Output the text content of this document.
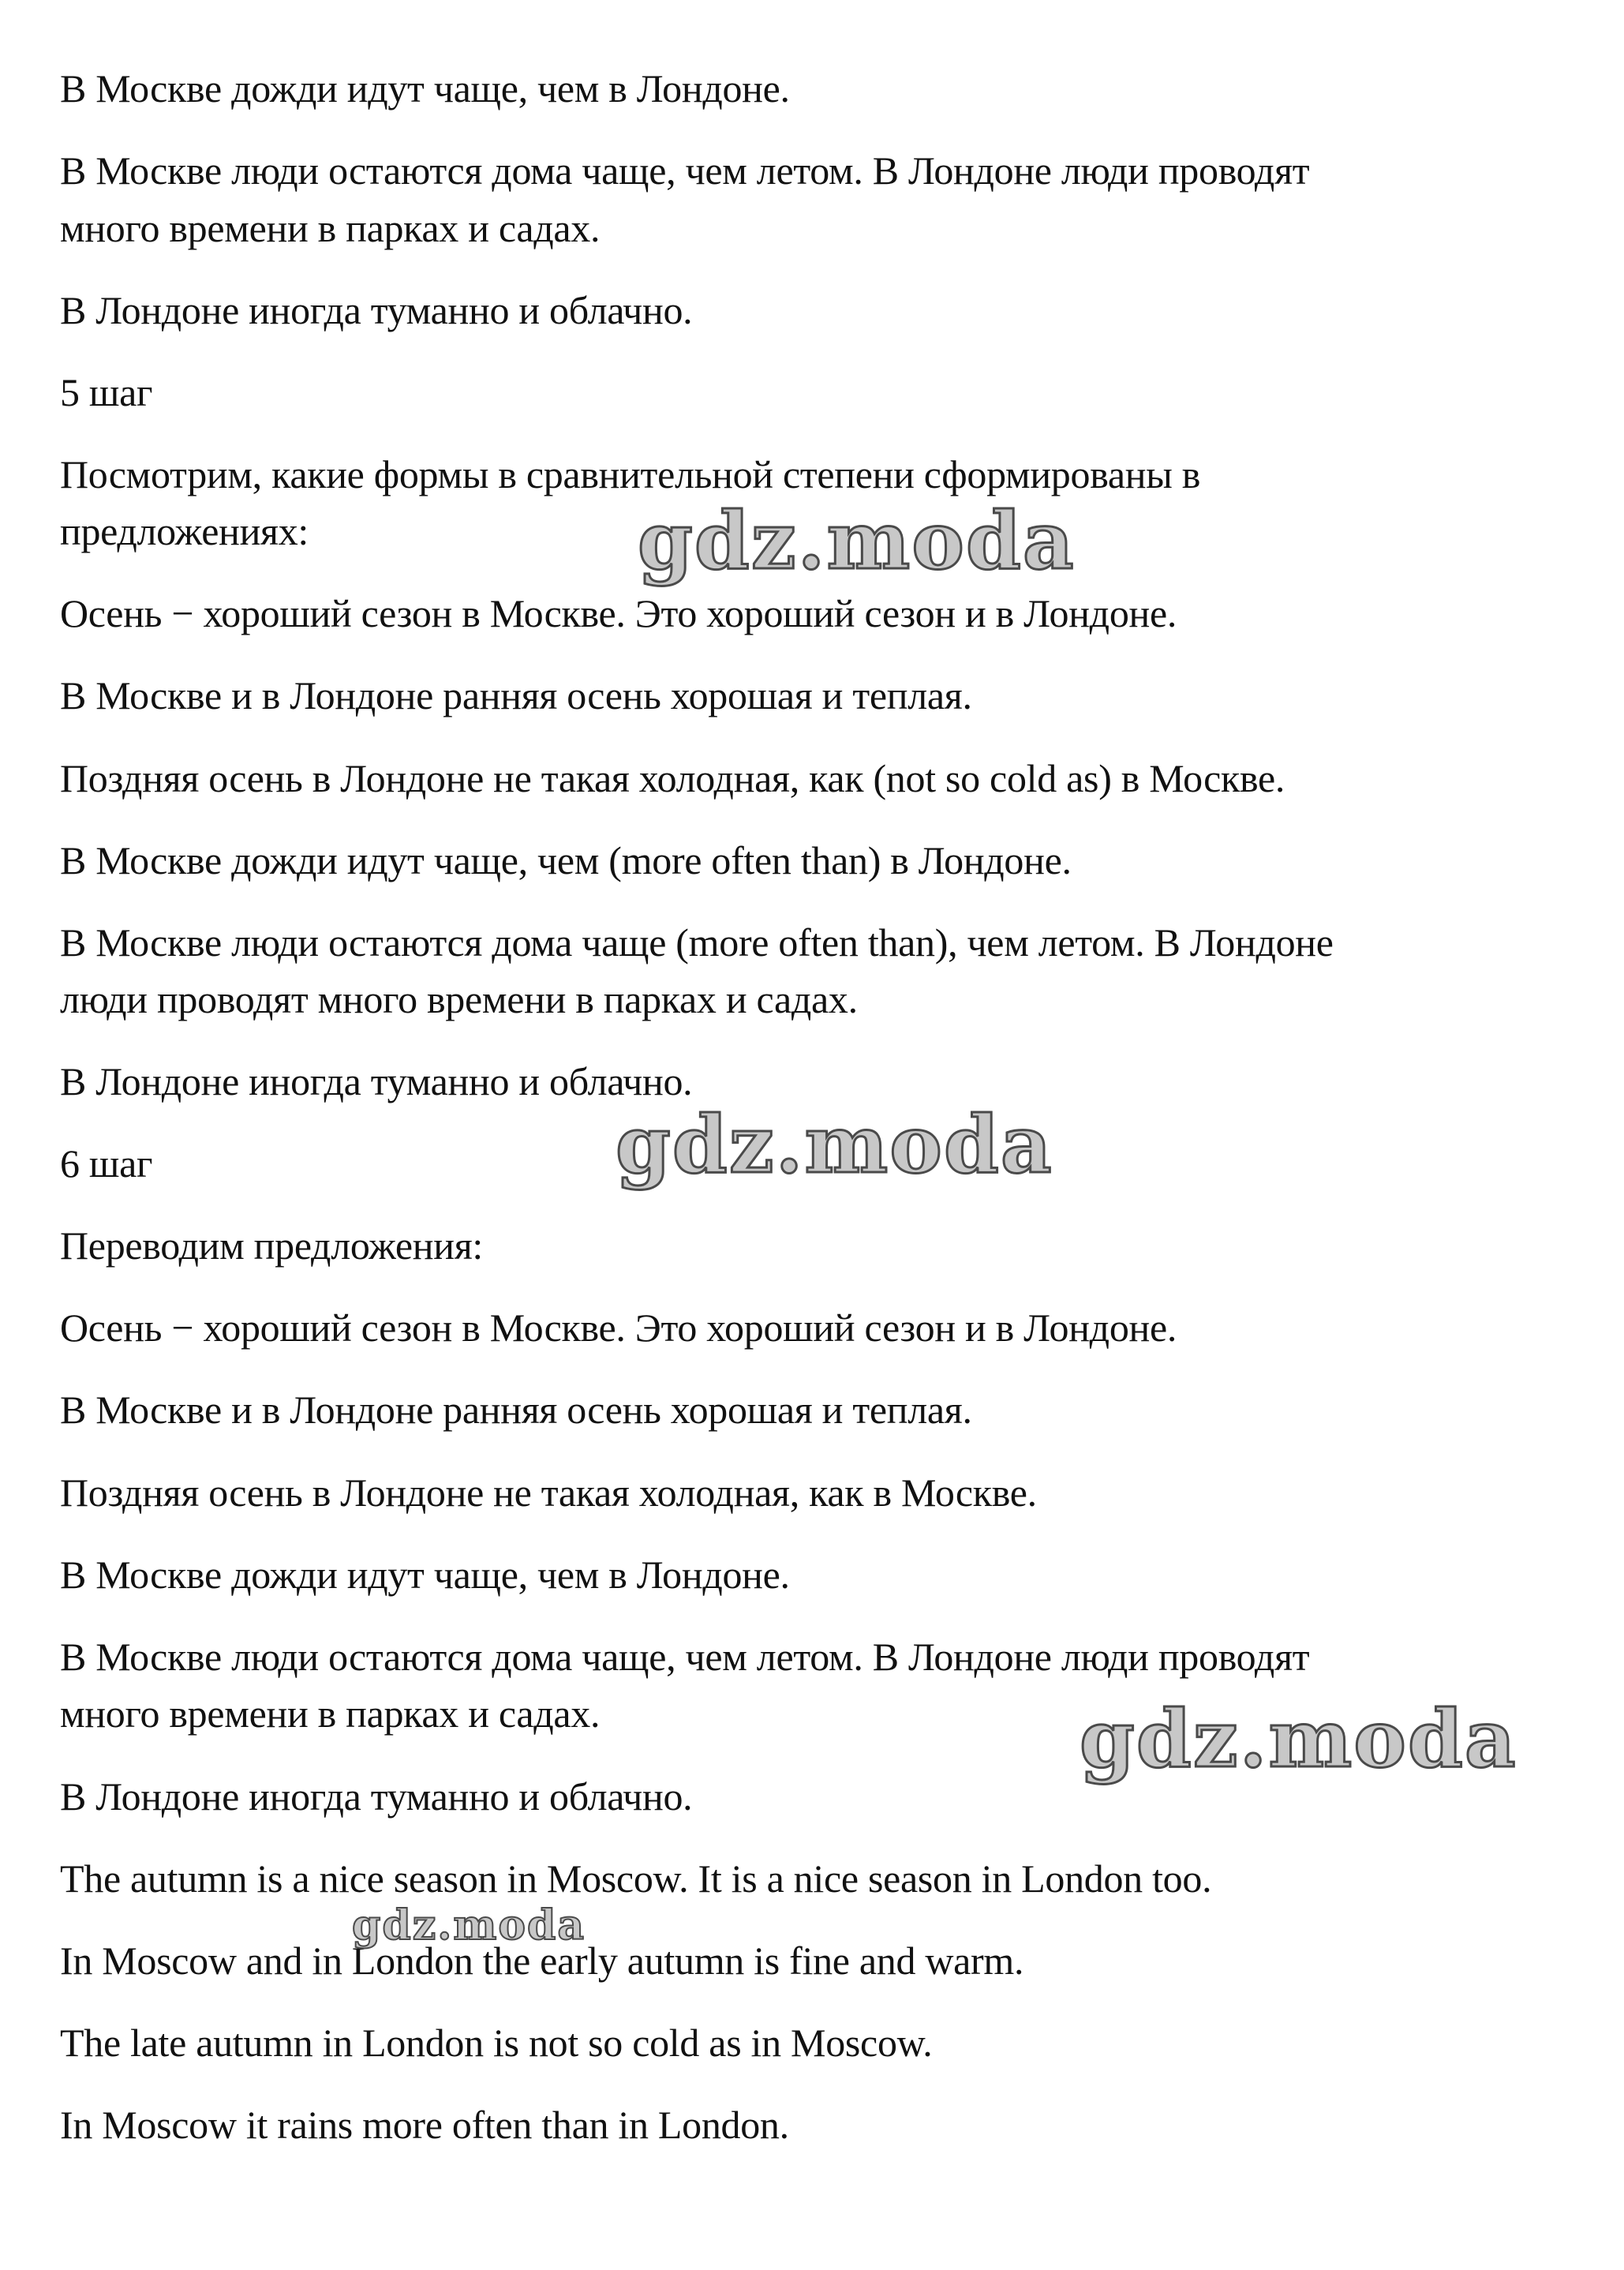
В Москве дожди идут чаще, чем в Лондоне.
В Москве люди остаются дома чаще, чем летом. В Лондоне люди проводят
много времени в парках и садах.
В Лондоне иногда туманно и облачно.
5 шаг
Посмотрим, какие формы в сравнительной степени сформированы в
предложениях:
Осень − хороший сезон в Москве. Это хороший сезон и в Лондоне.
В Москве и в Лондоне ранняя осень хорошая и теплая.
Поздняя осень в Лондоне не такая холодная, как (not so cold as) в Москве.
В Москве дожди идут чаще, чем (more often than) в Лондоне.
В Москве люди остаются дома чаще (more often than), чем летом. В Лондоне
люди проводят много времени в парках и садах.
В Лондоне иногда туманно и облачно.
6 шаг
Переводим предложения:
Осень − хороший сезон в Москве. Это хороший сезон и в Лондоне.
В Москве и в Лондоне ранняя осень хорошая и теплая.
Поздняя осень в Лондоне не такая холодная, как в Москве.
В Москве дожди идут чаще, чем в Лондоне.
В Москве люди остаются дома чаще, чем летом. В Лондоне люди проводят
много времени в парках и садах.
В Лондоне иногда туманно и облачно.
The autumn is a nice season in Moscow. It is a nice season in London too.
In Moscow and in London the early autumn is fine and warm.
The late autumn in London is not so cold as in Moscow.
In Moscow it rains more often than in London.
gdz.moda
gdz.moda
gdz.moda
gdz.moda
